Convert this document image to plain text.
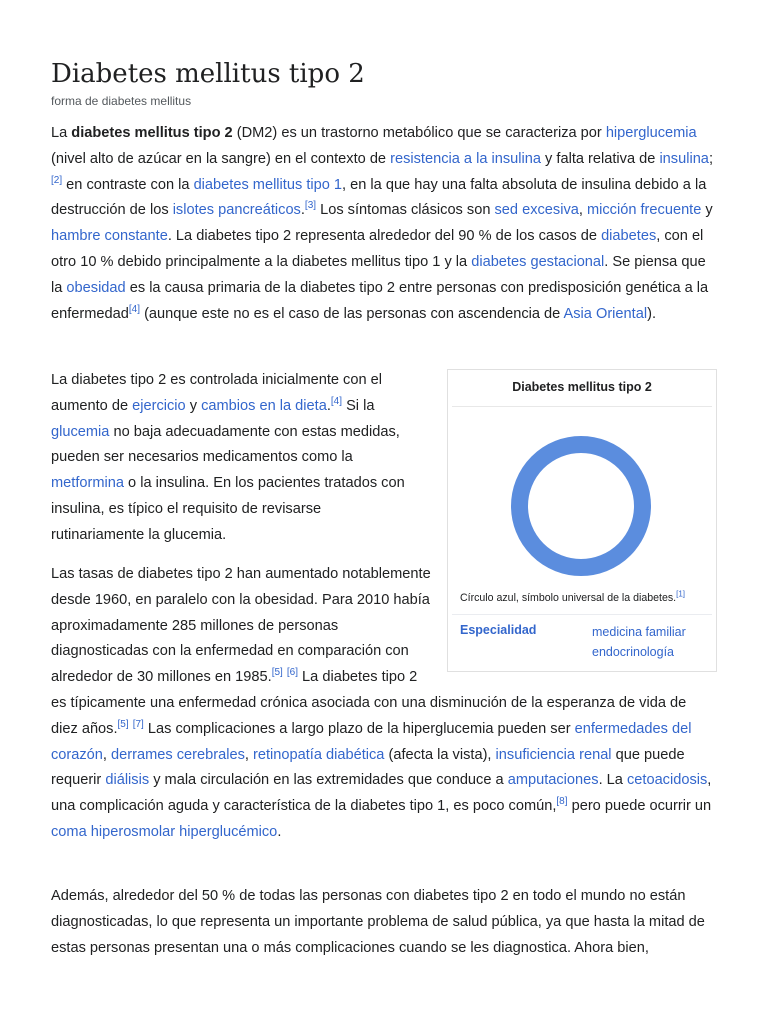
Diabetes mellitus tipo 2
forma de diabetes mellitus

La diabetes mellitus tipo 2 (DM2) es un trastorno metabólico que se caracteriza por hiperglucemia (nivel alto de azúcar en la sangre) en el contexto de resistencia a la insulina y falta relativa de insulina;[2] en contraste con la diabetes mellitus tipo 1, en la que hay una falta absoluta de insulina debido a la destrucción de los islotes pancreáticos.[3] Los síntomas clásicos son sed excesiva, micción frecuente y hambre constante. La diabetes tipo 2 representa alrededor del 90 % de los casos de diabetes, con el otro 10 % debido principalmente a la diabetes mellitus tipo 1 y la diabetes gestacional. Se piensa que la obesidad es la causa primaria de la diabetes tipo 2 entre personas con predisposición genética a la enfermedad[4] (aunque este no es el caso de las personas con ascendencia de Asia Oriental).

La diabetes tipo 2 es controlada inicialmente con el aumento de ejercicio y cambios en la dieta.[4] Si la glucemia no baja adecuadamente con estas medidas, pueden ser necesarios medicamentos como la metformina o la insulina. En los pacientes tratados con insulina, es típico el requisito de revisarse rutinariamente la glucemia.

Las tasas de diabetes tipo 2 han aumentado notablemente desde 1960, en paralelo con la obesidad. Para 2010 había aproximadamente 285 millones de personas diagnosticadas con la enfermedad en comparación con alrededor de 30 millones en 1985.[5] [6] La diabetes tipo 2 es típicamente una enfermedad crónica asociada con una disminución de la esperanza de vida de diez años.[5] [7] Las complicaciones a largo plazo de la hiperglucemia pueden ser enfermedades del corazón, derrames cerebrales, retinopatía diabética (afecta la vista), insuficiencia renal que puede requerir diálisis y mala circulación en las extremidades que conduce a amputaciones. La cetoacidosis, una complicación aguda y característica de la diabetes tipo 1, es poco común,[8] pero puede ocurrir un coma hiperosmolar hiperglucémico.

Además, alrededor del 50 % de todas las personas con diabetes tipo 2 en todo el mundo no están diagnosticadas, lo que representa un importante problema de salud pública, ya que hasta la mitad de estas personas presentan una o más complicaciones cuando se les diagnostica. Ahora bien,

Diabetes mellitus tipo 2
Círculo azul, símbolo universal de la diabetes.[1]
Especialidad	medicina familiar
endocrinología
